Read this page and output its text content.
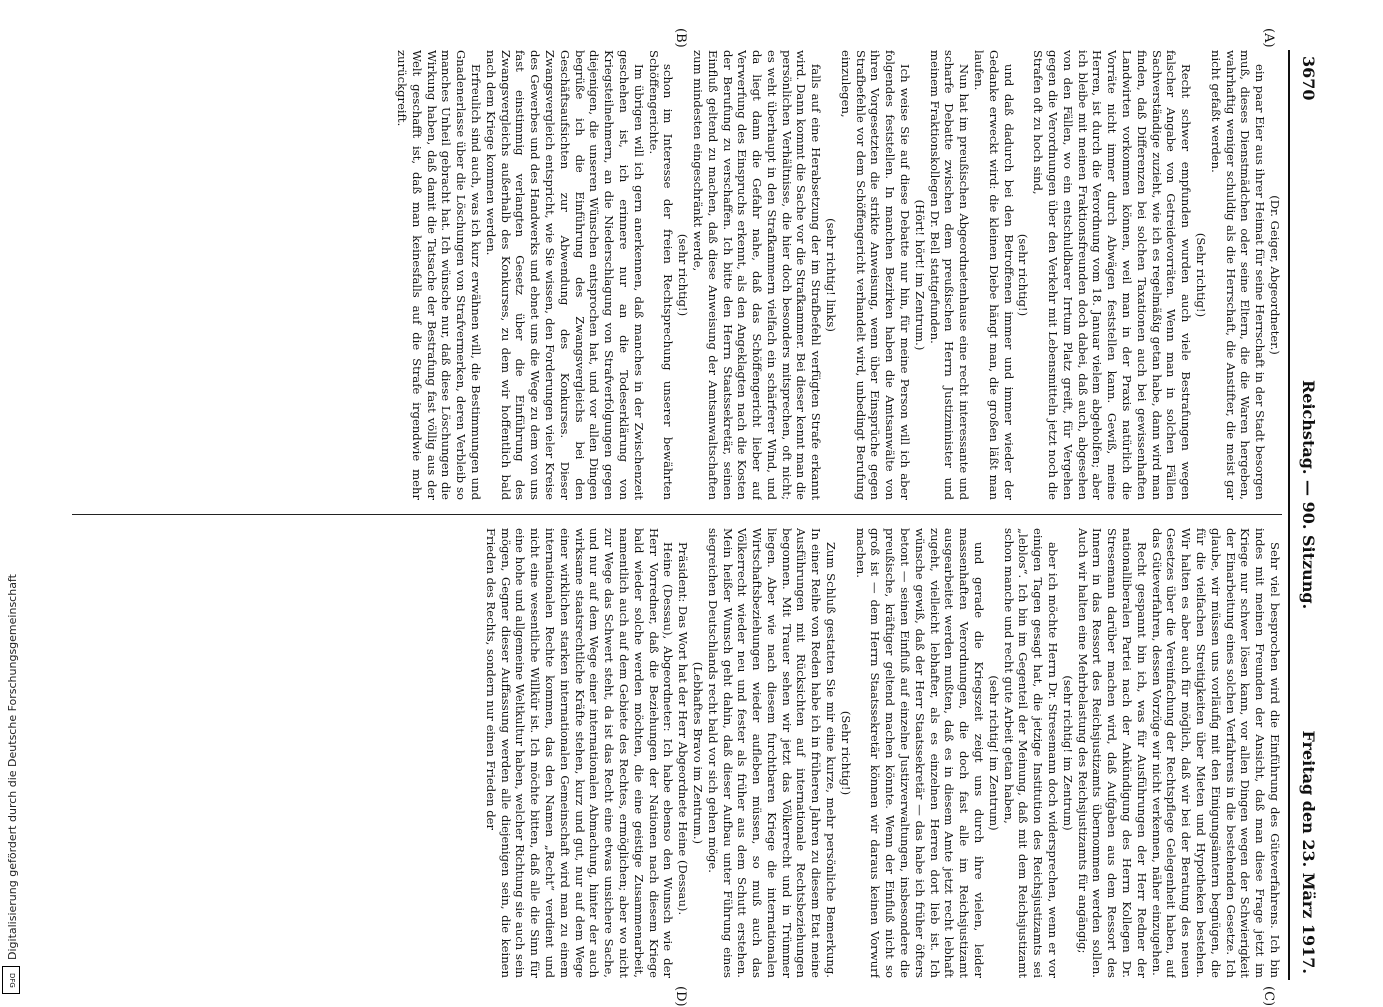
3670
Reichstag. — 90. Sitzung.
Freitag den 23. März 1917.
(A)
(B)
(C)
(D)

(Dr. Geiger, Abgeordneter.)

ein paar Eier aus ihrer Heimat für seine Herrschaft in der Stadt besorgen muß, dieses Dienstmädchen oder seine Eltern, die die Waren hergeben, wahrhaftig weniger schuldig als die Herrschaft, die Anstifter, die meist gar nicht gefaßt werden.

(Sehr richtig!)

Recht schwer empfunden wurden auch viele Bestrafungen wegen falscher Angabe von Getreidevorräten. Wenn man in solchen Fällen Sachverständige zuzieht, wie ich es regelmäßig getan habe, dann wird man finden, daß Differenzen bei solchen Taxationen auch bei gewissenhaften Landwirten vorkommen können, weil man in der Praxis natürlich die Vorräte nicht immer durch Abwägen feststellen kann. Gewiß, meine Herren, ist durch die Verordnung vom 18. Januar vielem abgeholfen; aber ich bleibe mit meinen Fraktionsfreunden doch dabei, daß auch, abgesehen von den Fällen, wo ein entschuldbarer Irrtum Platz greift, für Vergehen gegen die Verordnungen über den Verkehr mit Lebensmitteln jetzt noch die Strafen oft zu hoch sind,

(sehr richtig!)

und daß dadurch bei den Betroffenen immer und immer wieder der Gedanke erweckt wird: die kleinen Diebe hängt man, die großen läßt man laufen.

Nun hat im preußischen Abgeordnetenhause eine recht interessante und scharfe Debatte zwischen dem preußischen Herrn Justizminister und meinem Fraktionskollegen Dr. Bell stattgefunden.

(Hört! hört! im Zentrum.)

Ich weise Sie auf diese Debatte nur hin, für meine Person will ich aber folgendes feststellen. In manchen Bezirken haben die Amtsanwälte von ihren Vorgesetzten die strikte Anweisung, wenn über Einsprüche gegen Strafbefehle vor dem Schöffengericht verhandelt wird, unbedingt Berufung einzulegen,

(sehr richtig! links)

falls auf eine Herabsetzung der im Strafbefehl verfügten Strafe erkannt wird. Dann kommt die Sache vor die Strafkammer. Bei dieser kennt man die persönlichen Verhältnisse, die hier doch besonders mitsprechen, oft nicht; es weht überhaupt in den Strafkammern vielfach ein schärferer Wind, und da liegt dann die Gefahr nahe, daß das Schöffengericht lieber auf Verwerfung des Einspruchs erkennt, als den Angeklagten nach die Kosten der Berufung zu verschaffen. Ich bitte den Herrn Staatssekretär, seinen Einfluß geltend zu machen, daß diese Anweisung der Amtsanwaltschaften zum mindesten eingeschränkt werde,

(sehr richtig!)

schon im Interesse der freien Rechtsprechung unserer bewährten Schöffengerichte.

Im übrigen will ich gern anerkennen, daß manches in der Zwischenzeit geschehen ist, ich erinnere nur an die Todeserklärung von Kriegsteilnehmern, an die Niederschlagung von Strafverfolgungen gegen diejenigen, die unseren Wünschen entsprochen hat, und vor allen Dingen begrüße ich die Einführung des Zwangsvergleichs bei den Geschäftsaufsichten zur Abwendung des Konkurses. Dieser Zwangsvergleich entspricht, wie Sie wissen, den Forderungen vieler Kreise des Gewerbes und des Handwerks und ebnet uns die Wege zu dem von uns fast einstimmig verlangten Gesetz über die Einführung des Zwangsvergleichs außerhalb des Konkurses, zu dem wir hoffentlich bald nach dem Kriege kommen werden.

Erfreulich sind auch, was ich kurz erwähnen will, die Bestimmungen und Gnadenerlasse über die Löschungen von Strafvermerken, deren Verbleib so manches Unheil gebracht hat. Ich wünsche nur, daß diese Löschungen die Wirkung haben, daß damit die Tatsache der Bestrafung fast völlig aus der Welt geschafft ist, daß man keinesfalls auf die Strafe irgendwie mehr zurückgreift.

Sehr viel besprochen wird die Einführung des Güteverfahrens. Ich bin indes mit meinen Freunden der Ansicht, daß man diese Frage jetzt im Kriege nur schwer lösen kann, vor allen Dingen wegen der Schwierigkeit der Einarbeitung eines solchen Verfahrens in die bestehenden Gesetze. Ich glaube, wir müssen uns vorläufig mit den Einigungsämtern begnügen, die für die vielfachen Streitigkeiten über Mieten und Hypotheken bestehen. Wir halten es aber auch für möglich, daß wir bei der Beratung des neuen Gesetzes über die Vereinfachung der Rechtspflege Gelegenheit haben, auf das Güteverfahren, dessen Vorzüge wir nicht verkennen, näher einzugehen.

Recht gespannt bin ich, was für Ausführungen der Herr Redner der nationalliberalen Partei nach der Ankündigung des Herrn Kollegen Dr. Stresemann darüber machen wird, daß Aufgaben aus dem Ressort des Innern in das Ressort des Reichsjustizamts übernommen werden sollen. Auch wir halten eine Mehrbelastung des Reichsjustizamts für angängig;

(sehr richtig! im Zentrum)

aber ich möchte Herrn Dr. Stresemann doch widersprechen, wenn er vor einigen Tagen gesagt hat, die jetzige Institution des Reichsjustizamts sei „leblos“. Ich bin im Gegenteil der Meinung, daß mit dem Reichsjustizamt schon manche und recht gute Arbeit getan haben,

(sehr richtig! im Zentrum)

und gerade die Kriegszeit zeigt uns durch ihre vielen, leider massenhaften Verordnungen, die doch fast alle im Reichsjustizamt ausgearbeitet werden mußten, daß es in diesem Amte jetzt recht lebhaft zugeht, vielleicht lebhafter, als es einzelnen Herren dort lieb ist. Ich wünsche gewiß, daß der Herr Staatssekretär — das habe ich früher öfters betont — seinen Einfluß auf einzelne Justizverwaltungen, insbesondere die preußische, kräftiger geltend machen könnte. Wenn der Einfluß nicht so groß ist — dem Herrn Staatssekretär können wir daraus keinen Vorwurf machen.

(Sehr richtig!)

Zum Schluß gestatten Sie mir eine kurze, mehr persönliche Bemerkung. In einer Reihe von Reden habe ich in früheren Jahren zu diesem Etat meine Ausführungen mit Rücksichten auf internationale Rechtsbeziehungen begonnen. Mit Trauer sehen wir jetzt das Völkerrecht und in Trümmer liegen. Aber wie nach diesem furchtbaren Kriege die internationalen Wirtschaftsbeziehungen wieder aufleben müssen, so muß auch das Völkerrecht wieder neu und fester als früher aus dem Schutt erstehen. Mein heißer Wunsch geht dahin, daß dieser Aufbau unter Führung eines siegreichen Deutschlands recht bald vor sich gehen möge.

(Lebhaftes Bravo im Zentrum.)

Präsident: Das Wort hat der Herr Abgeordnete Heine (Dessau).

Heine (Dessau), Abgeordneter: Ich habe ebenso den Wunsch wie der Herr Vorredner, daß die Beziehungen der Nationen nach diesem Kriege bald wieder solche werden möchten, die eine geistige Zusammenarbeit, namentlich auch auf dem Gebiete des Rechtes, ermöglichen; aber wo nicht zur Wege das Schwert steht, da ist das Recht eine etwas unsichere Sache, und nur auf dem Wege einer internationalen Abmachung, hinter der auch wirksame staatsrechtliche Kräfte stehen, kurz und gut, nur auf dem Wege einer wirklichen starken internationalen Gemeinschaft wird man zu einem internationalen Rechte kommen, das den Namen „Recht“ verdient und nicht eine wesentliche Willkür ist. Ich möchte bitten, daß alle die Sinn für eine hohe und allgemeine Weltkultur haben, welcher Richtung sie auch sein mögen, Gegner dieser Auffassung werden alle diejenigen sein, die keinen Frieden des Rechts, sondern nur einen Frieden der

Digitalisierung gefördert durch die Deutsche Forschungsgemeinschaft
DFG
